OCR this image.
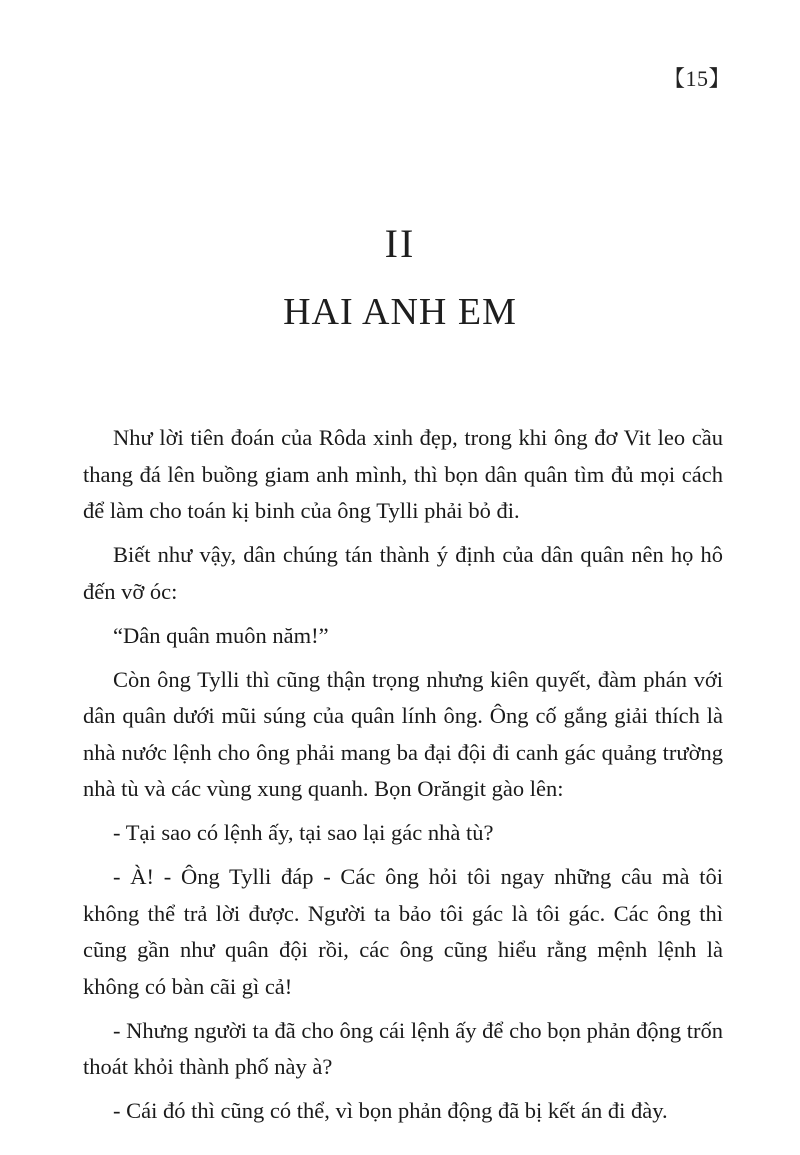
【15】
II
HAI ANH EM

Như lời tiên đoán của Rôda xinh đẹp, trong khi ông đơ Vit leo cầu thang đá lên buồng giam anh mình, thì bọn dân quân tìm đủ mọi cách để làm cho toán kị binh của ông Tylli phải bỏ đi.

Biết như vậy, dân chúng tán thành ý định của dân quân nên họ hô đến vỡ óc:

“Dân quân muôn năm!”

Còn ông Tylli thì cũng thận trọng nhưng kiên quyết, đàm phán với dân quân dưới mũi súng của quân lính ông. Ông cố gắng giải thích là nhà nước lệnh cho ông phải mang ba đại đội đi canh gác quảng trường nhà tù và các vùng xung quanh. Bọn Orăngit gào lên:

- Tại sao có lệnh ấy, tại sao lại gác nhà tù?

- À! - Ông Tylli đáp - Các ông hỏi tôi ngay những câu mà tôi không thể trả lời được. Người ta bảo tôi gác là tôi gác. Các ông thì cũng gần như quân đội rồi, các ông cũng hiểu rằng mệnh lệnh là không có bàn cãi gì cả!

- Nhưng người ta đã cho ông cái lệnh ấy để cho bọn phản động trốn thoát khỏi thành phố này à?

- Cái đó thì cũng có thể, vì bọn phản động đã bị kết án đi đày.
